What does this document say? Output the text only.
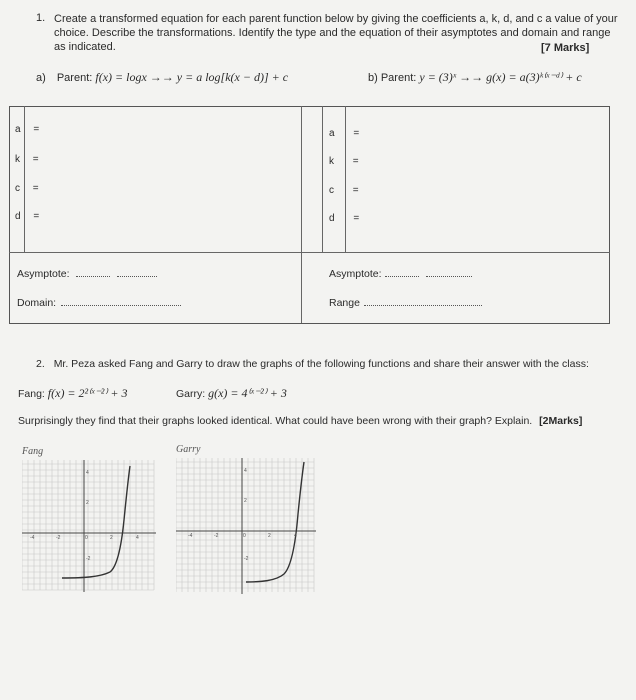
1. Create a transformed equation for each parent function below by giving the coefficients a, k, d, and c a value of your
choice. Describe the transformations. Identify the type and the equation of their asymptotes and domain and range
as indicated.	[7 Marks]
a) Parent: f(x) = logx →→ y = a log[k(x − d)] + c	b) Parent: y = (3)ˣ →→ g(x) = a(3)ᵏ⁽ˣ⁻ᵈ⁾ + c
a =
k =
c =
d =
a =
k =
c =
d =
Asymptote:
Domain:
Asymptote:
Range
2. Mr. Peza asked Fang and Garry to draw the graphs of the following functions and share their answer with the class:
Fang: f(x) = 2²⁽ˣ⁻²⁾ + 3	Garry: g(x) = 4⁽ˣ⁻²⁾ + 3
Surprisingly they find that their graphs looked identical. What could have been wrong with their graph? Explain. [2Marks]
Fang	Garry
4
2
-2
-2
-4	0	2	4
4
2
-2
-2
-4	0	2	4
